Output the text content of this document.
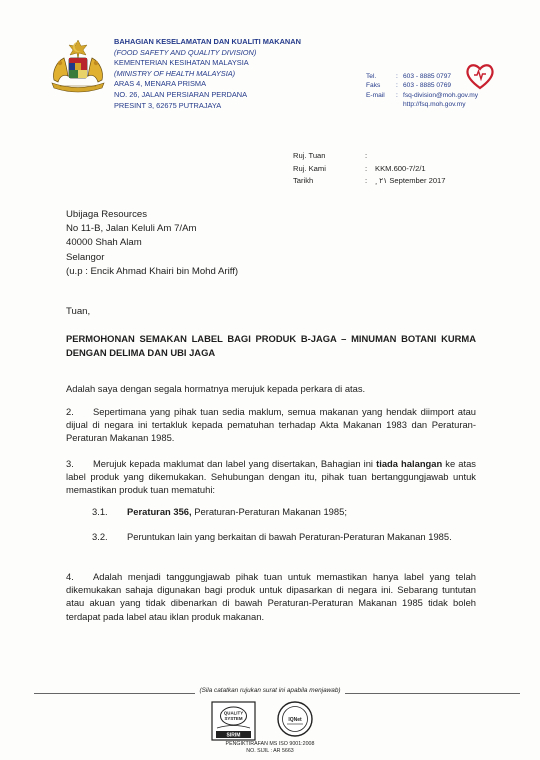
BAHAGIAN KESELAMATAN DAN KUALITI MAKANAN
(FOOD SAFETY AND QUALITY DIVISION)
KEMENTERIAN KESIHATAN MALAYSIA
(MINISTRY OF HEALTH MALAYSIA)
ARAS 4, MENARA PRISMA
NO. 26, JALAN PERSIARAN PERDANA
PRESINT 3, 62675 PUTRAJAYA
Tel.	: 603 - 8885 0797
Faks	: 603 - 8885 0769
E-mail	: fsq-division@moh.gov.my
http://fsq.moh.gov.my
Ruj. Tuan	:
Ruj. Kami	:	KKM.600-7/2/1
Tarikh	:	¸ ٢١ September 2017
Ubijaga Resources
No 11-B, Jalan Keluli Am 7/Am
40000 Shah Alam
Selangor
(u.p : Encik Ahmad Khairi bin Mohd Ariff)
Tuan,
PERMOHONAN SEMAKAN LABEL BAGI PRODUK B-JAGA – MINUMAN BOTANI KURMA DENGAN DELIMA DAN UBI JAGA
Adalah saya dengan segala hormatnya merujuk kepada perkara di atas.
2. Sepertimana yang pihak tuan sedia maklum, semua makanan yang hendak diimport atau dijual di negara ini tertakluk kepada pematuhan terhadap Akta Makanan 1983 dan Peraturan-Peraturan Makanan 1985.
3. Merujuk kepada maklumat dan label yang disertakan, Bahagian ini tiada halangan ke atas label produk yang dikemukakan. Sehubungan dengan itu, pihak tuan bertanggungjawab untuk memastikan produk tuan mematuhi:
3.1.	Peraturan 356, Peraturan-Peraturan Makanan 1985;
3.2.	Peruntukan lain yang berkaitan di bawah Peraturan-Peraturan Makanan 1985.
4. Adalah menjadi tanggungjawab pihak tuan untuk memastikan hanya label yang telah dikemukakan sahaja digunakan bagi produk untuk dipasarkan di negara ini. Sebarang tuntutan atau akuan yang tidak dibenarkan di bawah Peraturan-Peraturan Makanan 1985 tidak boleh terdapat pada label atau iklan produk makanan.
(Sila catatkan rujukan surat ini apabila menjawab)
QUALITY
SYSTEM
SIRIM
IQNet
PENGIKTIRAFAN MS ISO 9001:2008
NO. SIJIL : AR 5663
